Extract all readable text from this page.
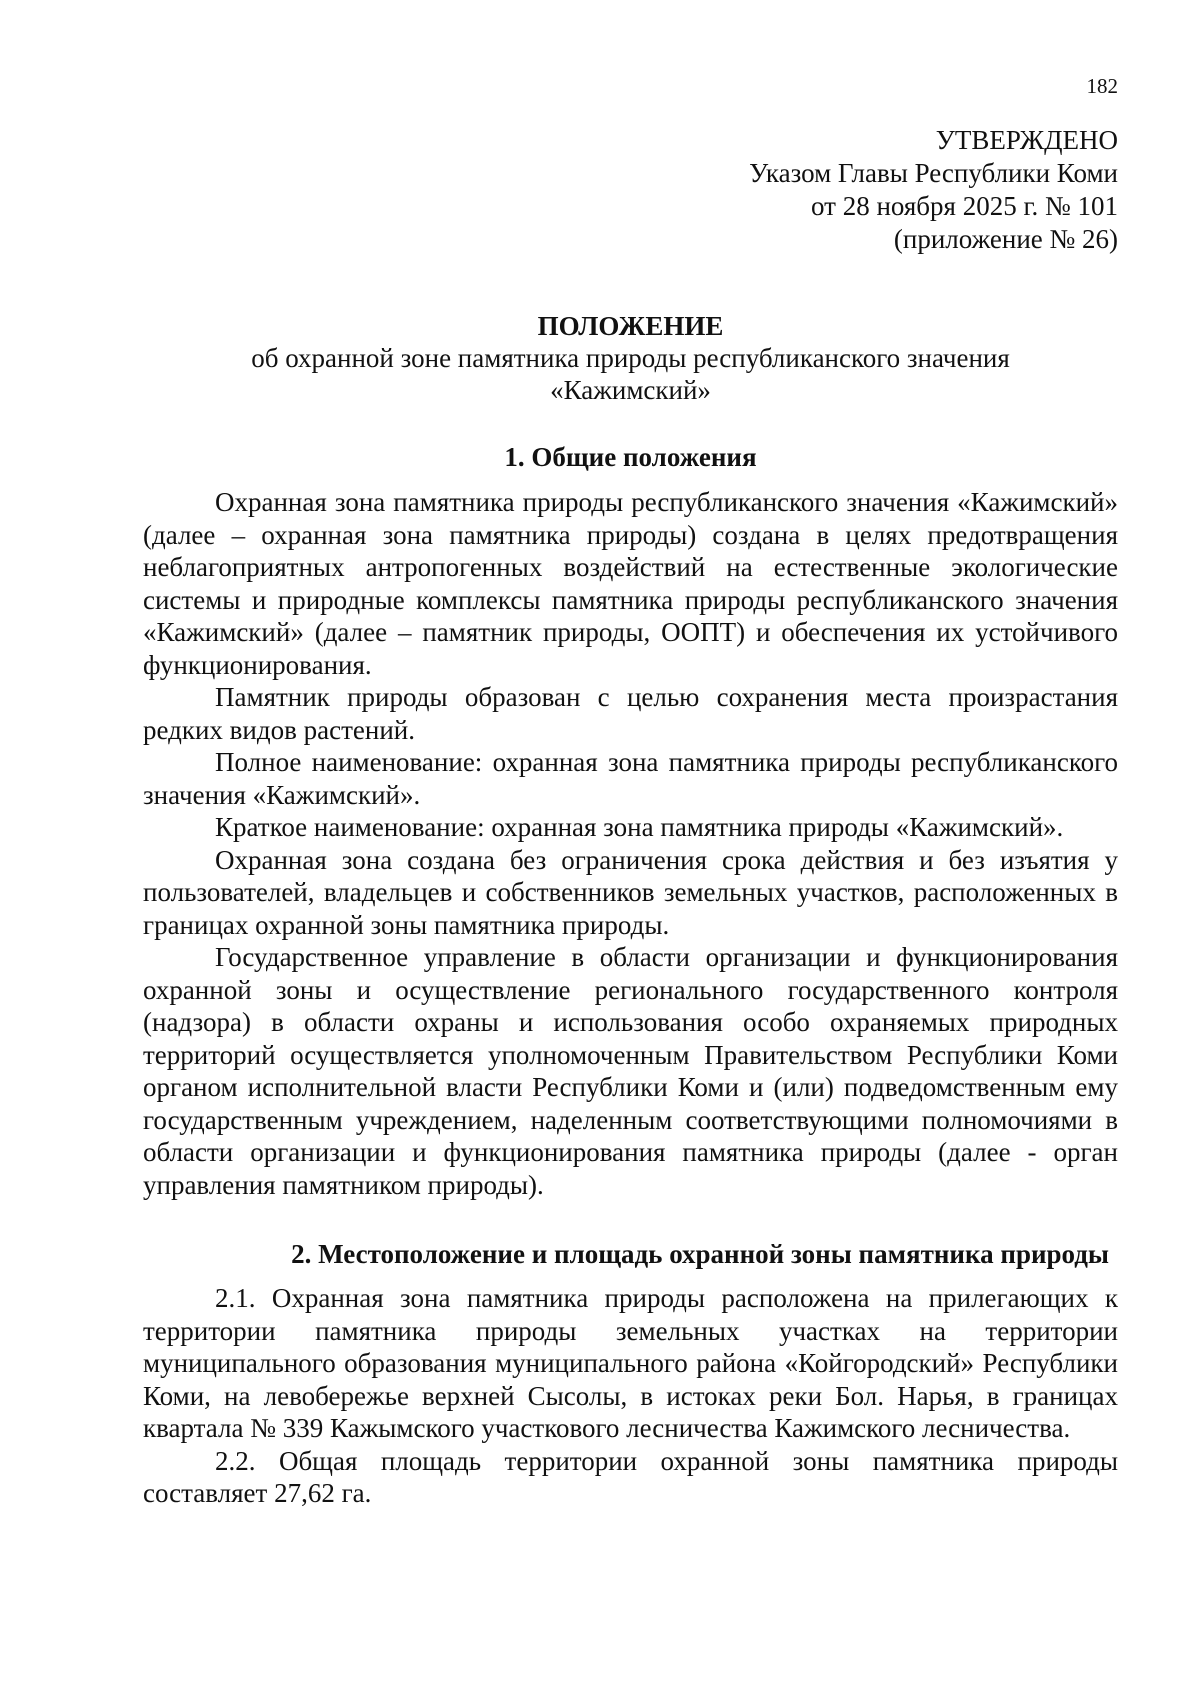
182
УТВЕРЖДЕНО
Указом Главы Республики Коми
от 28 ноября 2025 г. № 101
(приложение № 26)
ПОЛОЖЕНИЕ
об охранной зоне памятника природы республиканского значения
«Кажимский»
1. Общие положения

Охранная зона памятника природы республиканского значения «Кажимский» (далее – охранная зона памятника природы) создана в целях предотвращения неблагоприятных антропогенных воздействий на естественные экологические системы и природные комплексы памятника природы республиканского значения «Кажимский» (далее – памятник природы, ООПТ) и обеспечения их устойчивого функционирования.

Памятник природы образован с целью сохранения места произрастания редких видов растений.

Полное наименование: охранная зона памятника природы республиканского значения «Кажимский».

Краткое наименование: охранная зона памятника природы «Кажимский».

Охранная зона создана без ограничения срока действия и без изъятия у пользователей, владельцев и собственников земельных участков, расположенных в границах охранной зоны памятника природы.

Государственное управление в области организации и функционирования охранной зоны и осуществление регионального государственного контроля (надзора) в области охраны и использования особо охраняемых природных территорий осуществляется уполномоченным Правительством Республики Коми органом исполнительной власти Республики Коми и (или) подведомственным ему государственным учреждением, наделенным соответствующими полномочиями в области организации и функционирования памятника природы (далее - орган управления памятником природы).

2. Местоположение и площадь охранной зоны памятника природы

2.1. Охранная зона памятника природы расположена на прилегающих к территории памятника природы земельных участках на территории муниципального образования муниципального района «Койгородский» Республики Коми, на левобережье верхней Сысолы, в истоках реки Бол. Нарья, в границах квартала № 339 Кажымского участкового лесничества Кажимского лесничества.

2.2. Общая площадь территории охранной зоны памятника природы составляет 27,62 га.
